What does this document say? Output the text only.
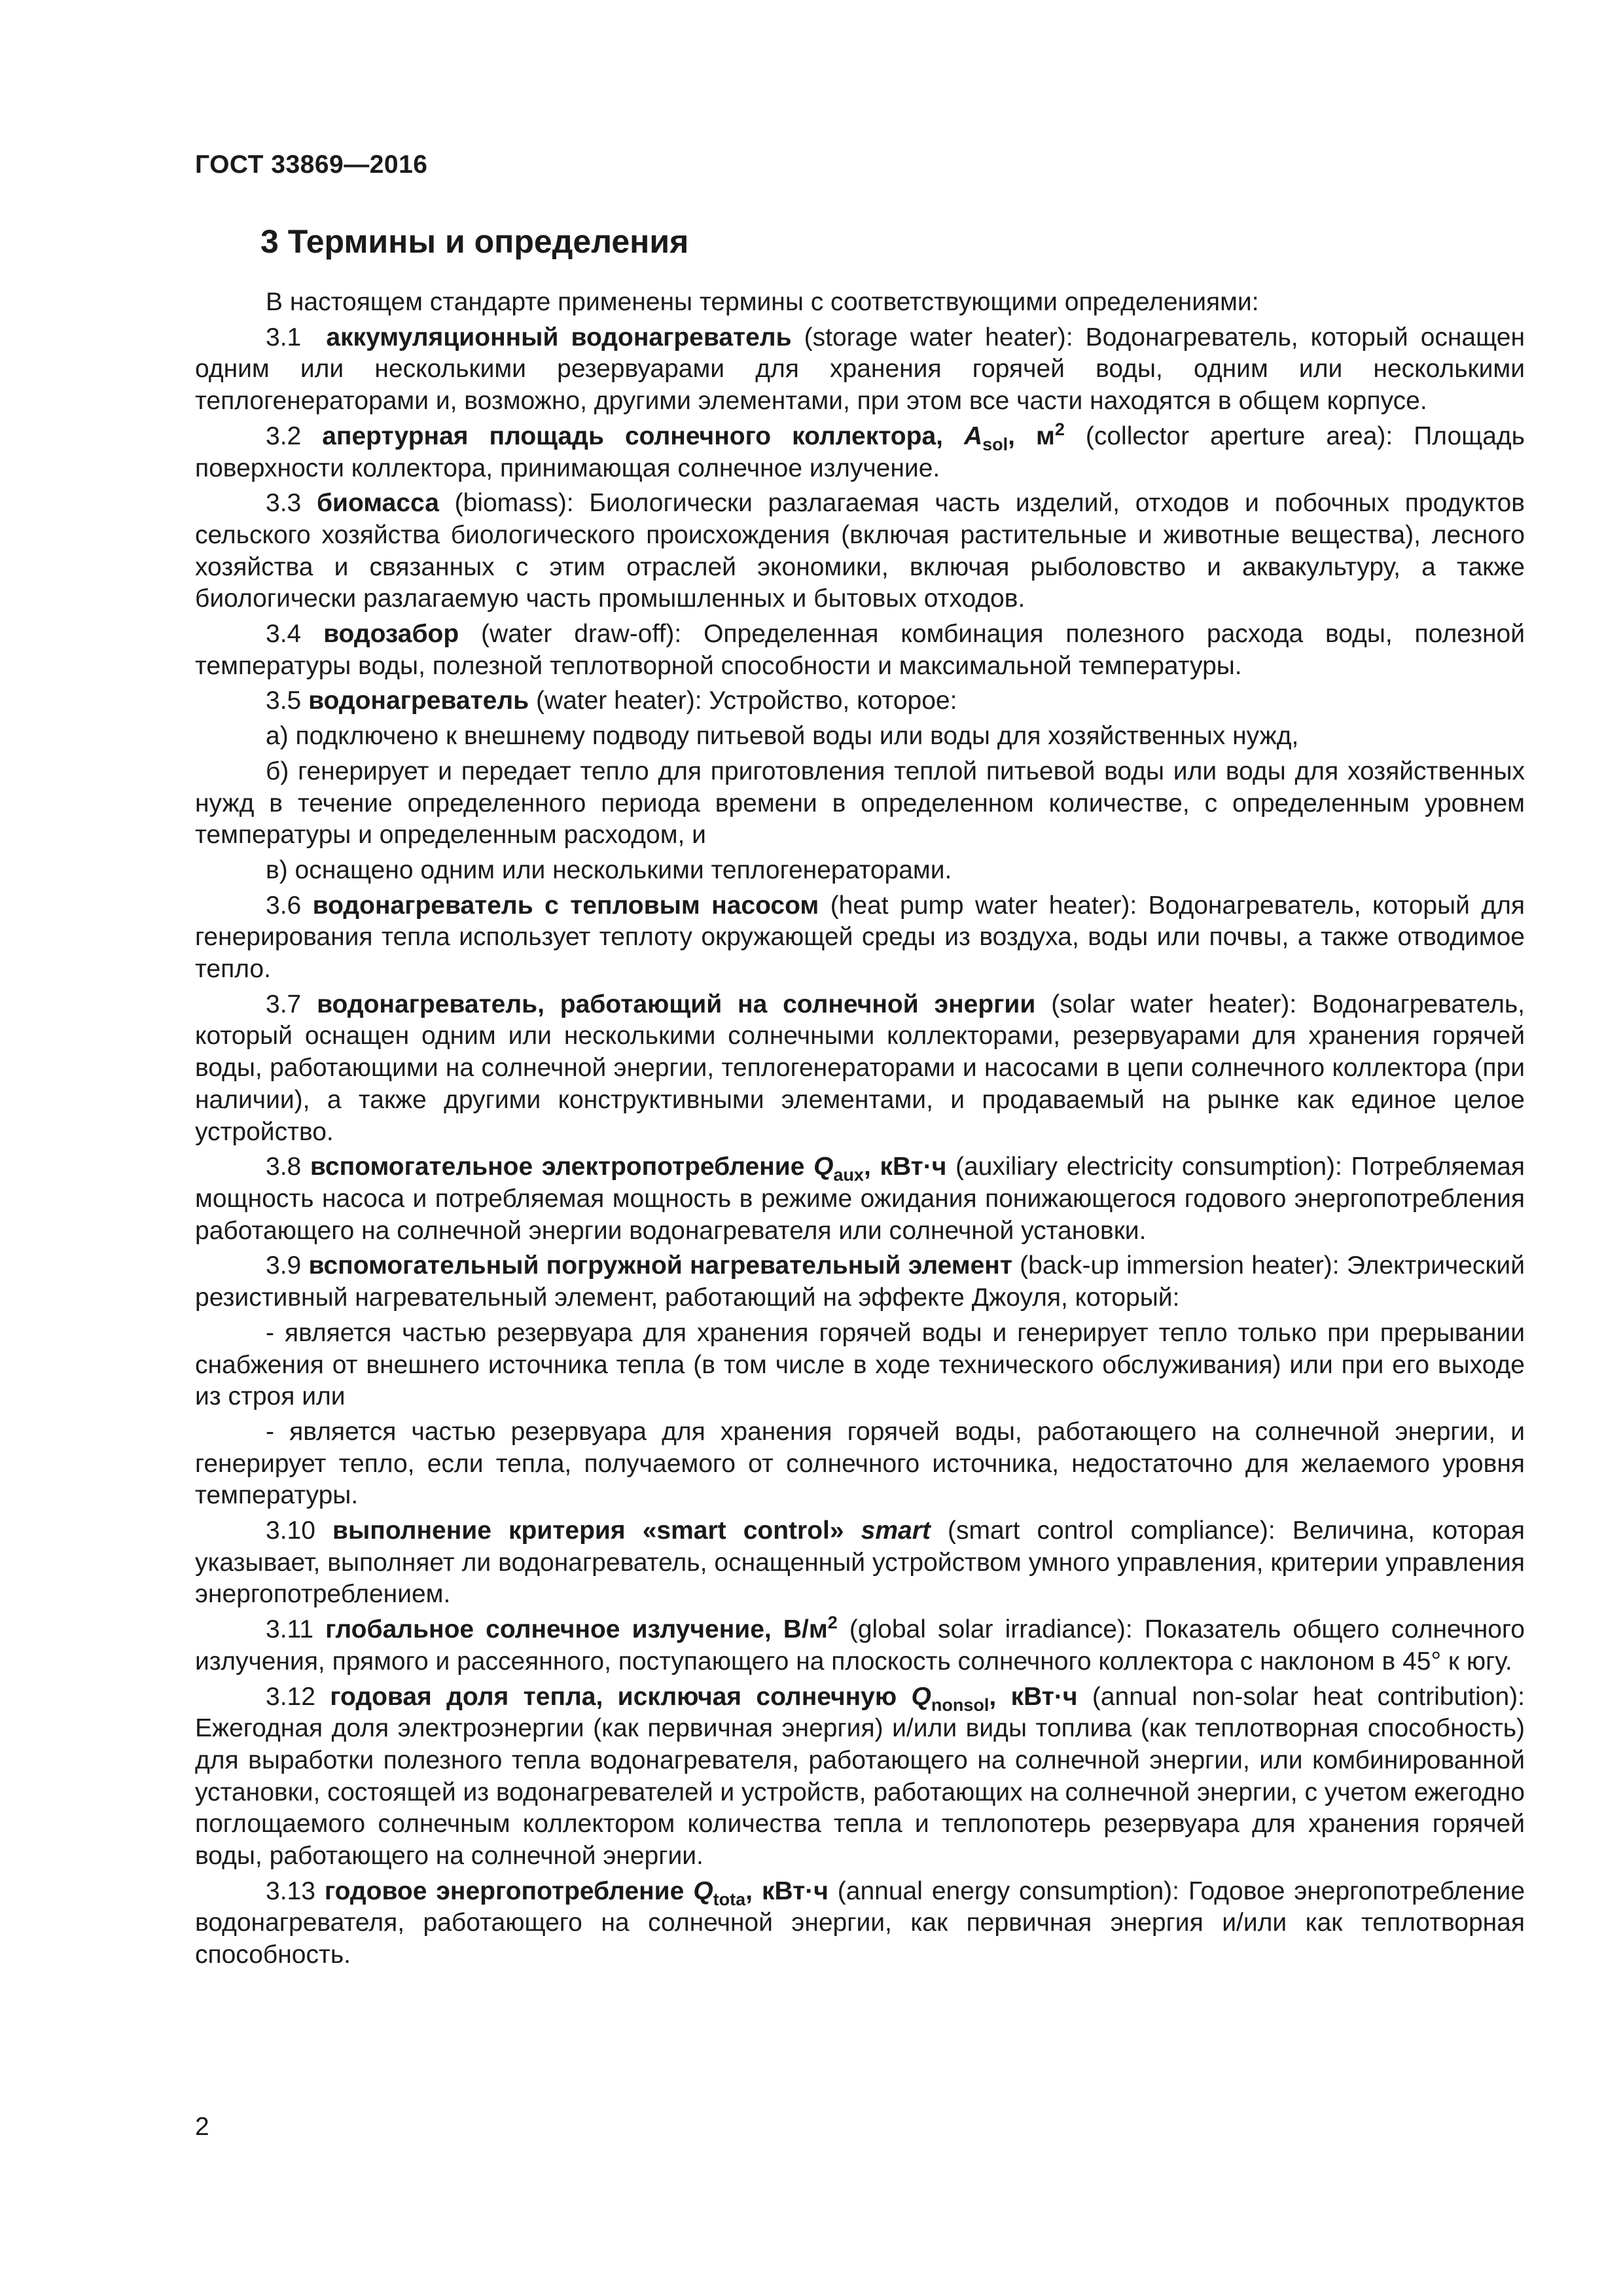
ГОСТ 33869—2016
3 Термины и определения

В настоящем стандарте применены термины с соответствующими определениями:

3.1 аккумуляционный водонагреватель (storage water heater): Водонагреватель, который оснащен одним или несколькими резервуарами для хранения горячей воды, одним или несколькими теплогенераторами и, возможно, другими элементами, при этом все части находятся в общем корпусе.

3.2 апертурная площадь солнечного коллектора, $A_{sol}$, $м^2$ (collector aperture area): Площадь поверхности коллектора, принимающая солнечное излучение.

3.3 биомасса (biomass): Биологически разлагаемая часть изделий, отходов и побочных продуктов сельского хозяйства биологического происхождения (включая растительные и животные вещества), лесного хозяйства и связанных с этим отраслей экономики, включая рыболовство и аквакультуру, а также биологически разлагаемую часть промышленных и бытовых отходов.

3.4 водозабор (water draw-off): Определенная комбинация полезного расхода воды, полезной температуры воды, полезной теплотворной способности и максимальной температуры.

3.5 водонагреватель (water heater): Устройство, которое:

а) подключено к внешнему подводу питьевой воды или воды для хозяйственных нужд,

б) генерирует и передает тепло для приготовления теплой питьевой воды или воды для хозяйственных нужд в течение определенного периода времени в определенном количестве, с определенным уровнем температуры и определенным расходом, и

в) оснащено одним или несколькими теплогенераторами.

3.6 водонагреватель с тепловым насосом (heat pump water heater): Водонагреватель, который для генерирования тепла использует теплоту окружающей среды из воздуха, воды или почвы, а также отводимое тепло.

3.7 водонагреватель, работающий на солнечной энергии (solar water heater): Водонагреватель, который оснащен одним или несколькими солнечными коллекторами, резервуарами для хранения горячей воды, работающими на солнечной энергии, теплогенераторами и насосами в цепи солнечного коллектора (при наличии), а также другими конструктивными элементами, и продаваемый на рынке как единое целое устройство.

3.8 вспомогательное электропотребление $Q_{aux}$, кВт·ч (auxiliary electricity consumption): Потребляемая мощность насоса и потребляемая мощность в режиме ожидания понижающегося годового энергопотребления работающего на солнечной энергии водонагревателя или солнечной установки.

3.9 вспомогательный погружной нагревательный элемент (back-up immersion heater): Электрический резистивный нагревательный элемент, работающий на эффекте Джоуля, который:

- является частью резервуара для хранения горячей воды и генерирует тепло только при прерывании снабжения от внешнего источника тепла (в том числе в ходе технического обслуживания) или при его выходе из строя или

- является частью резервуара для хранения горячей воды, работающего на солнечной энергии, и генерирует тепло, если тепла, получаемого от солнечного источника, недостаточно для желаемого уровня температуры.

3.10 выполнение критерия «smart control» smart (smart control compliance): Величина, которая указывает, выполняет ли водонагреватель, оснащенный устройством умного управления, критерии управления энергопотреблением.

3.11 глобальное солнечное излучение, $В/м^2$ (global solar irradiance): Показатель общего солнечного излучения, прямого и рассеянного, поступающего на плоскость солнечного коллектора с наклоном в 45° к югу.

3.12 годовая доля тепла, исключая солнечную $Q_{nonsol}$, кВт·ч (annual non-solar heat contribution): Ежегодная доля электроэнергии (как первичная энергия) и/или виды топлива (как теплотворная способность) для выработки полезного тепла водонагревателя, работающего на солнечной энергии, или комбинированной установки, состоящей из водонагревателей и устройств, работающих на солнечной энергии, с учетом ежегодно поглощаемого солнечным коллектором количества тепла и теплопотерь резервуара для хранения горячей воды, работающего на солнечной энергии.

3.13 годовое энергопотребление $Q_{tota}$, кВт·ч (annual energy consumption): Годовое энергопотребление водонагревателя, работающего на солнечной энергии, как первичная энергия и/или как теплотворная способность.

2
